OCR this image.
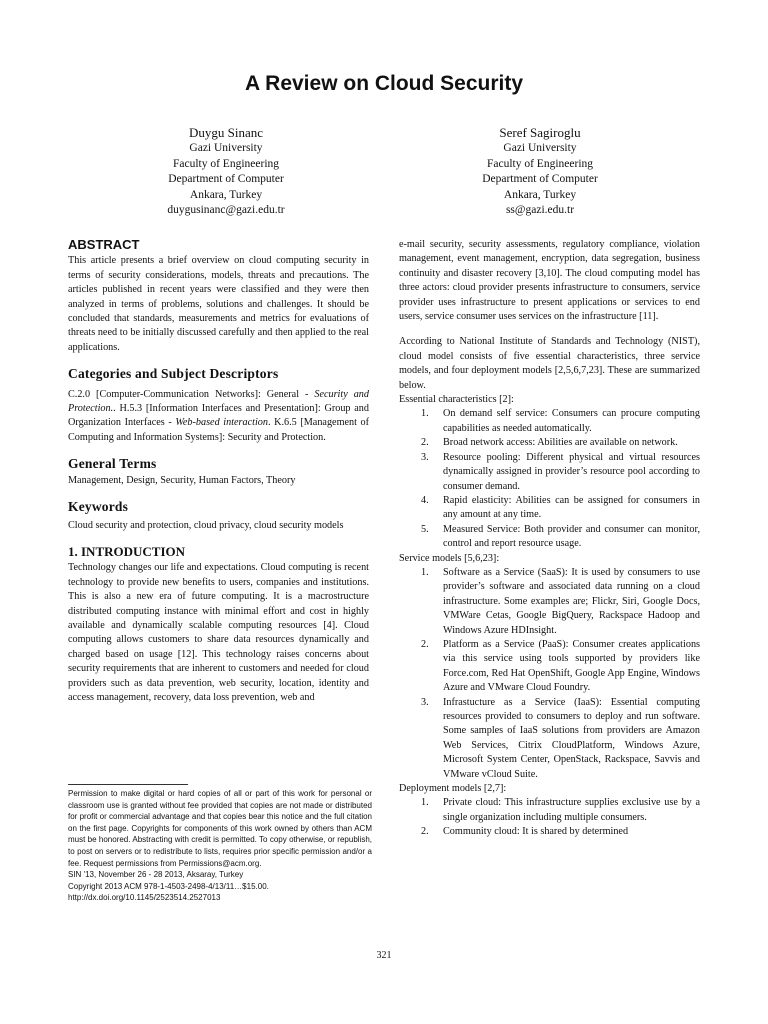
A Review on Cloud Security
Duygu Sinanc
Gazi University
Faculty of Engineering
Department of Computer
Ankara, Turkey
duygusinanc@gazi.edu.tr
Seref Sagiroglu
Gazi University
Faculty of Engineering
Department of Computer
Ankara, Turkey
ss@gazi.edu.tr
ABSTRACT

This article presents a brief overview on cloud computing security in terms of security considerations, models, threats and precautions. The articles published in recent years were classified and they were then analyzed in terms of problems, solutions and challenges. It should be concluded that standards, measurements and metrics for evaluations of threats need to be initially discussed carefully and then applied to the real applications.

Categories and Subject Descriptors

C.2.0 [Computer-Communication Networks]: General - Security and Protection.. H.5.3 [Information Interfaces and Presentation]: Group and Organization Interfaces - Web-based interaction. K.6.5 [Management of Computing and Information Systems]: Security and Protection.

General Terms

Management, Design, Security, Human Factors, Theory

Keywords

Cloud security and protection, cloud privacy, cloud security models

1. INTRODUCTION

Technology changes our life and expectations. Cloud computing is recent technology to provide new benefits to users, companies and institutions. This is also a new era of future computing. It is a macrostructure distributed computing instance with minimal effort and cost in highly available and dynamically scalable computing resources [4]. Cloud computing allows customers to share data resources dynamically and charged based on usage [12]. This technology raises concerns about security requirements that are inherent to customers and needed for cloud providers such as data prevention, web security, location, identity and access management, recovery, data loss prevention, web and

Permission to make digital or hard copies of all or part of this work for personal or classroom use is granted without fee provided that copies are not made or distributed for profit or commercial advantage and that copies bear this notice and the full citation on the first page. Copyrights for components of this work owned by others than ACM must be honored. Abstracting with credit is permitted. To copy otherwise, or republish, to post on servers or to redistribute to lists, requires prior specific permission and/or a fee. Request permissions from Permissions@acm.org.
SIN '13, November 26 - 28 2013, Aksaray, Turkey
Copyright 2013 ACM 978-1-4503-2498-4/13/11…$15.00.
http://dx.doi.org/10.1145/2523514.2527013

e-mail security, security assessments, regulatory compliance, violation management, event management, encryption, data segregation, business continuity and disaster recovery [3,10]. The cloud computing model has three actors: cloud provider presents infrastructure to consumers, service provider uses infrastructure to present applications or services to end users, service consumer uses services on the infrastructure [11].

According to National Institute of Standards and Technology (NIST), cloud model consists of five essential characteristics, three service models, and four deployment models [2,5,6,7,23]. These are summarized below.

Essential characteristics [2]:
1. On demand self service: Consumers can procure computing capabilities as needed automatically.
2. Broad network access: Abilities are available on network.
3. Resource pooling: Different physical and virtual resources dynamically assigned in provider’s resource pool according to consumer demand.
4. Rapid elasticity: Abilities can be assigned for consumers in any amount at any time.
5. Measured Service: Both provider and consumer can monitor, control and report resource usage.
Service models [5,6,23]:
1. Software as a Service (SaaS): It is used by consumers to use provider’s software and associated data running on a cloud infrastructure. Some examples are; Flickr, Siri, Google Docs, VMWare Cetas, Google BigQuery, Rackspace Hadoop and Windows Azure HDInsight.
2. Platform as a Service (PaaS): Consumer creates applications via this service using tools supported by providers like Force.com, Red Hat OpenShift, Google App Engine, Windows Azure and VMware Cloud Foundry.
3. Infrastucture as a Service (IaaS): Essential computing resources provided to consumers to deploy and run software. Some samples of IaaS solutions from providers are Amazon Web Services, Citrix CloudPlatform, Windows Azure, Microsoft System Center, OpenStack, Rackspace, Savvis and VMware vCloud Suite.
Deployment models [2,7]:
1. Private cloud: This infrastructure supplies exclusive use by a single organization including multiple consumers.
2. Community cloud: It is shared by determined
321
